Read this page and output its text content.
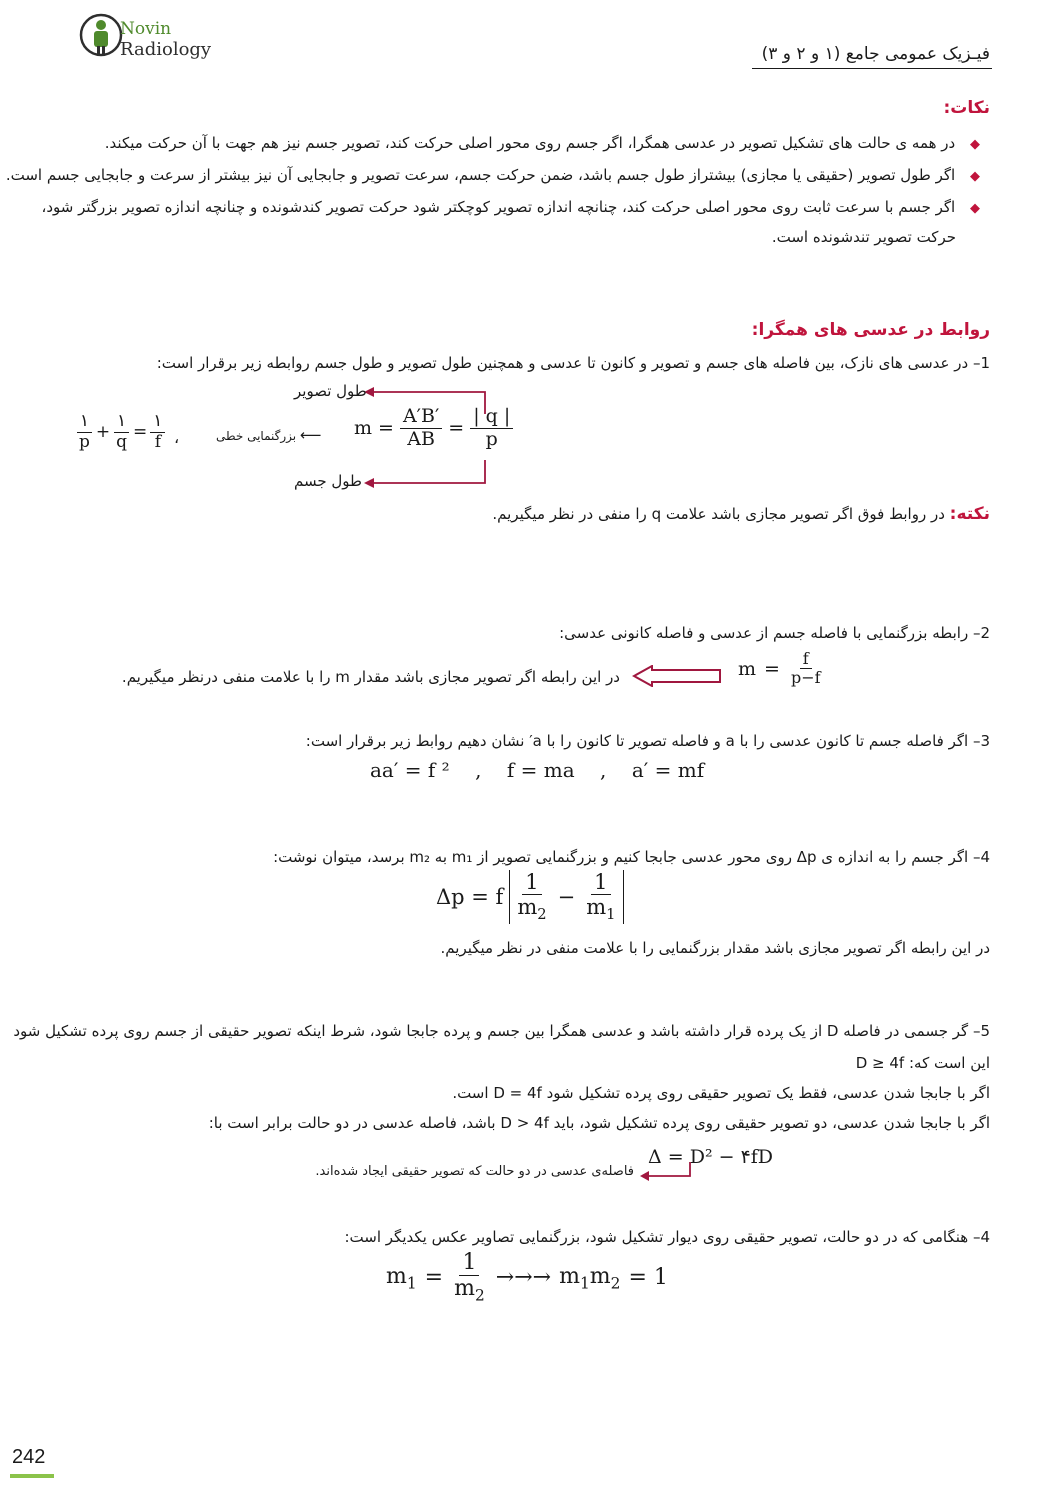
Novin
Radiology	فیـزیک عمومی جامع (۱ و ۲ و ۳)
نکات:
◆ در همه ی حالت های تشکیل تصویر در عدسی همگرا، اگر جسم روی محور اصلی حرکت کند، تصویر جسم نیز هم جهت با آن حرکت میکند.
◆ اگر طول تصویر (حقیقی یا مجازی) بیشتراز طول جسم باشد، ضمن حرکت جسم، سرعت تصویر و جابجایی آن نیز بیشتر از سرعت و جابجایی جسم است.
◆ اگر جسم با سرعت ثابت روی محور اصلی حرکت کند، چنانچه اندازه تصویر کوچکتر شود حرکت تصویر کندشونده و چنانچه اندازه تصویر بزرگتر شود،
حرکت تصویر تندشونده است.
روابط در عدسی های همگرا:
1– در عدسی های نازک، بین فاصله های جسم و تصویر و کانون تا عدسی و همچنین طول تصویر و طول جسم روابطه زیر برقرار است:
طول تصویر
طول جسم
بزرگنمایی خطی ⟵ $m = \frac{A'B'}{AB} = \frac{| q |}{p}$
،
$\frac{۱}{p} + \frac{۱}{q} = \frac{۱}{f}$
نکته: در روابط فوق اگر تصویر مجازی باشد علامت q را منفی در نظر میگیریم.
2– رابطه بزرگنمایی با فاصله جسم از عدسی و فاصله کانونی عدسی:
$m = \frac{f}{p-f}$
در این رابطه اگر تصویر مجازی باشد مقدار m را با علامت منفی درنظر میگیریم.
3– اگر فاصله جسم تا کانون عدسی را با a و فاصله تصویر تا کانون را با a′ نشان دهیم روابط زیر برقرار است:
aa′ = f ²    ,    f = ma    ,    a′ = mf
4– اگر جسم را به اندازه ی Δp روی محور عدسی جابجا کنیم و بزرگنمایی تصویر از m₁ به m₂ برسد، میتوان نوشت:
Δp = f $\frac{1}{m_2} - \frac{1}{m_1}$
در این رابطه اگر تصویر مجازی باشد مقدار بزرگنمایی را با علامت منفی در نظر میگیریم.
5– گر جسمی در فاصله D از یک پرده قرار داشته باشد و عدسی همگرا بین جسم و پرده جابجا شود، شرط اینکه تصویر حقیقی از جسم روی پرده تشکیل شود
این است که: D ≥ 4f
اگر با جابجا شدن عدسی، فقط یک تصویر حقیقی روی پرده تشکیل شود D = 4f است.
اگر با جابجا شدن عدسی، دو تصویر حقیقی روی پرده تشکیل شود، باید D > 4f باشد، فاصله عدسی در دو حالت برابر است با:
Δ = D² − ۴fD
فاصله‌ی عدسی در دو حالت که تصویر حقیقی ایجاد شده‌اند.
4– هنگامی که در دو حالت، تصویر حقیقی روی دیوار تشکیل شود، بزرگنمایی تصاویر عکس یکدیگر است:
$m_1 = \frac{1}{m_2}$ →→→ $m_1m_2 = 1$
242
